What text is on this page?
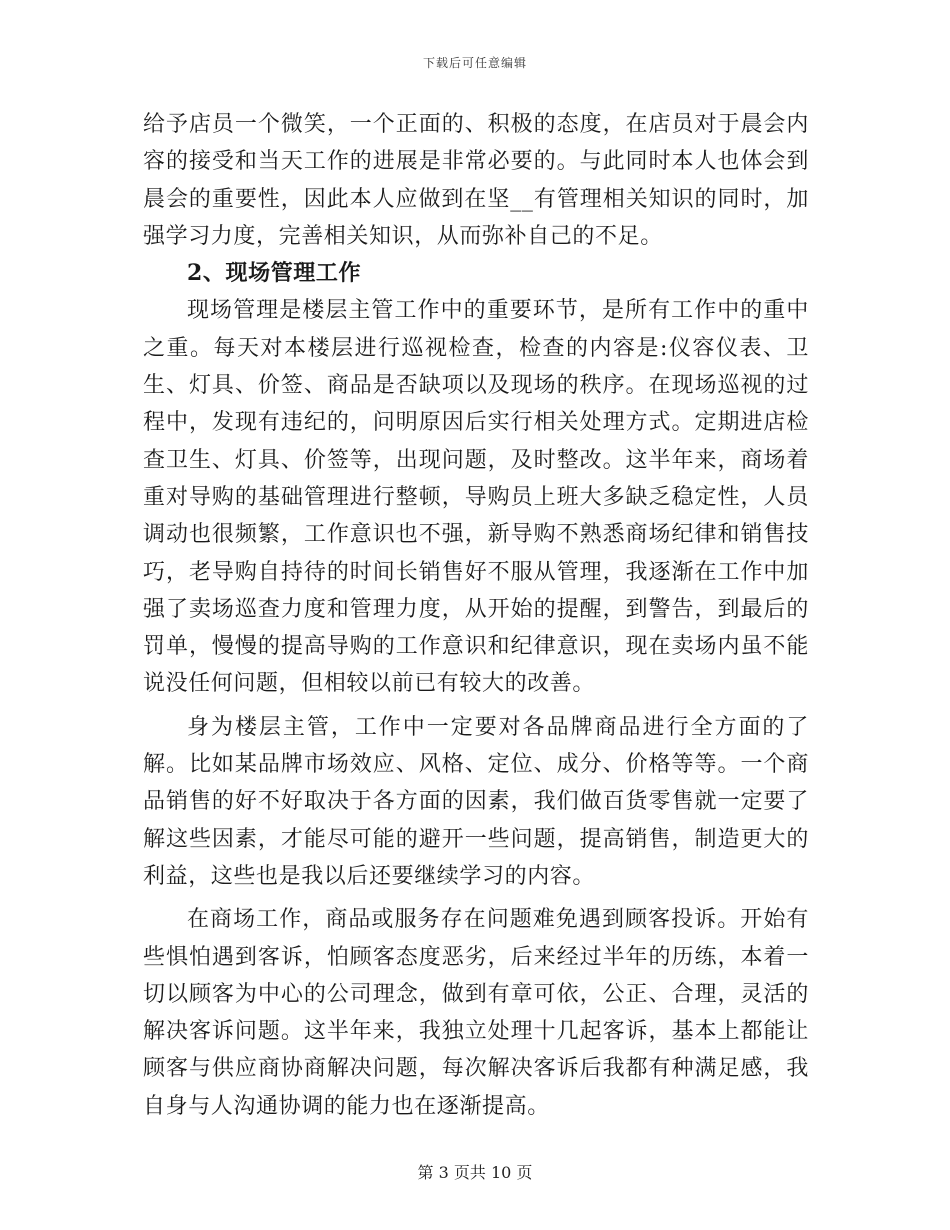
下载后可任意编辑

给予店员一个微笑，一个正面的、积极的态度，在店员对于晨会内容的接受和当天工作的进展是非常必要的。与此同时本人也体会到晨会的重要性，因此本人应做到在坚__有管理相关知识的同时，加强学习力度，完善相关知识，从而弥补自己的不足。

2、现场管理工作

现场管理是楼层主管工作中的重要环节，是所有工作中的重中之重。每天对本楼层进行巡视检查，检查的内容是:仪容仪表、卫生、灯具、价签、商品是否缺项以及现场的秩序。在现场巡视的过程中，发现有违纪的，问明原因后实行相关处理方式。定期进店检查卫生、灯具、价签等，出现问题，及时整改。这半年来，商场着重对导购的基础管理进行整顿，导购员上班大多缺乏稳定性，人员调动也很频繁，工作意识也不强，新导购不熟悉商场纪律和销售技巧，老导购自持待的时间长销售好不服从管理，我逐渐在工作中加强了卖场巡查力度和管理力度，从开始的提醒，到警告，到最后的罚单，慢慢的提高导购的工作意识和纪律意识，现在卖场内虽不能说没任何问题，但相较以前已有较大的改善。

身为楼层主管，工作中一定要对各品牌商品进行全方面的了解。比如某品牌市场效应、风格、定位、成分、价格等等。一个商品销售的好不好取决于各方面的因素，我们做百货零售就一定要了解这些因素，才能尽可能的避开一些问题，提高销售，制造更大的利益，这些也是我以后还要继续学习的内容。

在商场工作，商品或服务存在问题难免遇到顾客投诉。开始有些惧怕遇到客诉，怕顾客态度恶劣，后来经过半年的历练，本着一切以顾客为中心的公司理念，做到有章可依，公正、合理，灵活的解决客诉问题。这半年来，我独立处理十几起客诉，基本上都能让顾客与供应商协商解决问题，每次解决客诉后我都有种满足感，我自身与人沟通协调的能力也在逐渐提高。

第 3 页共 10 页
